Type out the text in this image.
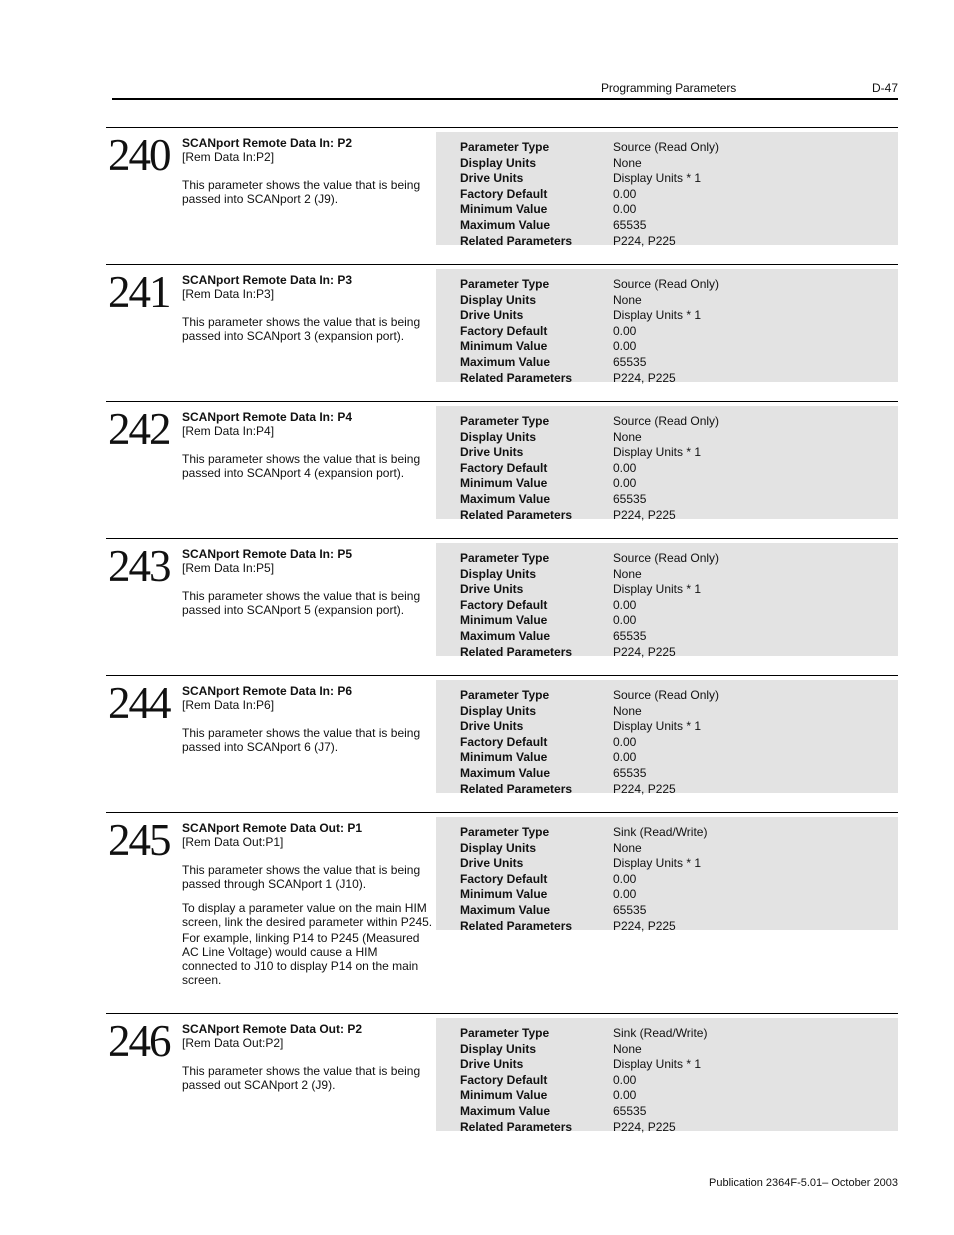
Programming Parameters	D-47
240 SCANport Remote Data In: P2
[Rem Data In:P2]

This parameter shows the value that is being passed into SCANport 2 (J9).

Parameter Type	Source (Read Only)
Display Units	None
Drive Units	Display Units * 1
Factory Default	0.00
Minimum Value	0.00
Maximum Value	65535
Related Parameters	P224, P225
241 SCANport Remote Data In: P3
[Rem Data In:P3]

This parameter shows the value that is being passed into SCANport 3 (expansion port).

Parameter Type	Source (Read Only)
Display Units	None
Drive Units	Display Units * 1
Factory Default	0.00
Minimum Value	0.00
Maximum Value	65535
Related Parameters	P224, P225
242 SCANport Remote Data In: P4
[Rem Data In:P4]

This parameter shows the value that is being passed into SCANport 4 (expansion port).

Parameter Type	Source (Read Only)
Display Units	None
Drive Units	Display Units * 1
Factory Default	0.00
Minimum Value	0.00
Maximum Value	65535
Related Parameters	P224, P225
243 SCANport Remote Data In: P5
[Rem Data In:P5]

This parameter shows the value that is being passed into SCANport 5 (expansion port).

Parameter Type	Source (Read Only)
Display Units	None
Drive Units	Display Units * 1
Factory Default	0.00
Minimum Value	0.00
Maximum Value	65535
Related Parameters	P224, P225
244 SCANport Remote Data In: P6
[Rem Data In:P6]

This parameter shows the value that is being passed into SCANport 6 (J7).

Parameter Type	Source (Read Only)
Display Units	None
Drive Units	Display Units * 1
Factory Default	0.00
Minimum Value	0.00
Maximum Value	65535
Related Parameters	P224, P225
245 SCANport Remote Data Out: P1
[Rem Data Out:P1]

This parameter shows the value that is being passed through SCANport 1 (J10).

To display a parameter value on the main HIM screen, link the desired parameter within P245.

For example, linking P14 to P245 (Measured AC Line Voltage) would cause a HIM connected to J10 to display P14 on the main screen.

Parameter Type	Sink (Read/Write)
Display Units	None
Drive Units	Display Units * 1
Factory Default	0.00
Minimum Value	0.00
Maximum Value	65535
Related Parameters	P224, P225
246 SCANport Remote Data Out: P2
[Rem Data Out:P2]

This parameter shows the value that is being passed out SCANport 2 (J9).

Parameter Type	Sink (Read/Write)
Display Units	None
Drive Units	Display Units * 1
Factory Default	0.00
Minimum Value	0.00
Maximum Value	65535
Related Parameters	P224, P225
Publication 2364F-5.01– October 2003
